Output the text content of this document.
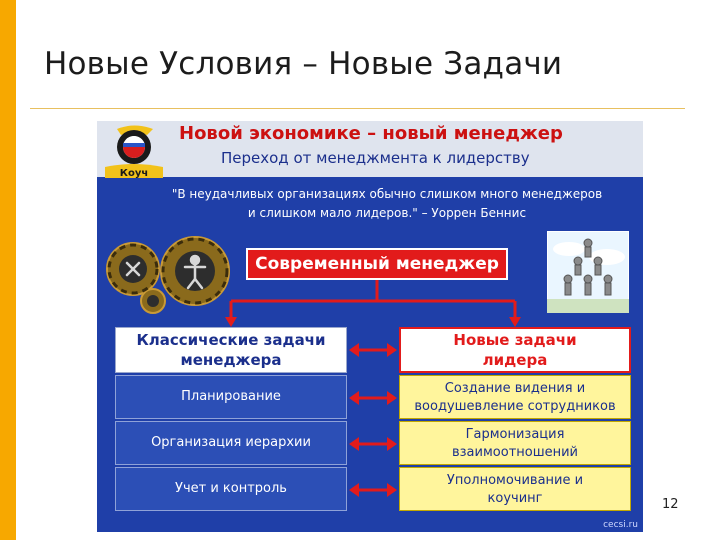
Новые Условия – Новые Задачи
Коуч
Новой экономике – новый менеджер
Переход от менеджмента к лидерству
"В неудачливых организациях обычно слишком много менеджеров
и слишком мало лидеров." – Уоррен Беннис
Современный менеджер
Классические задачи
менеджера
Новые задачи
лидера
Планирование
Создание видения и
воодушевление сотрудников
Организация иерархии
Гармонизация
взаимоотношений
Учет и контроль
Уполномочивание и
коучинг
cecsi.ru
12
